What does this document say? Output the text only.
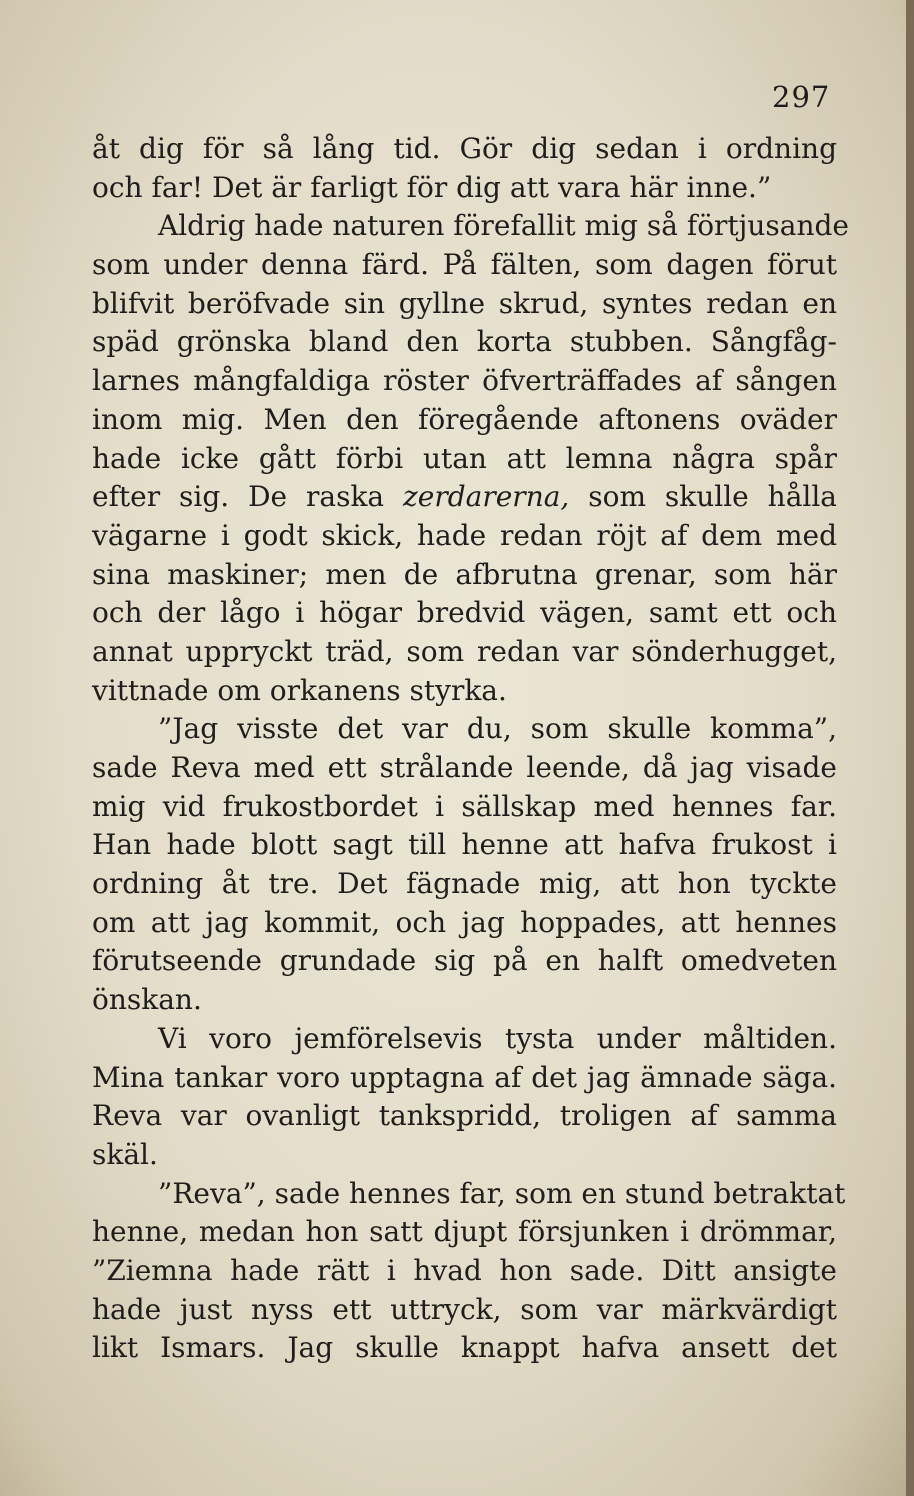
297
åt dig för så lång tid. Gör dig sedan i ordning
och far! Det är farligt för dig att vara här inne.”
Aldrig hade naturen förefallit mig så förtjusande
som under denna färd. På fälten, som dagen förut
blifvit beröfvade sin gyllne skrud, syntes redan en
späd grönska bland den korta stubben. Sångfåg-
larnes mångfaldiga röster öfverträffades af sången
inom mig. Men den föregående aftonens oväder
hade icke gått förbi utan att lemna några spår
efter sig. De raska zerdarerna, som skulle hålla
vägarne i godt skick, hade redan röjt af dem med
sina maskiner; men de afbrutna grenar, som här
och der lågo i högar bredvid vägen, samt ett och
annat uppryckt träd, som redan var sönderhugget,
vittnade om orkanens styrka.
”Jag visste det var du, som skulle komma”,
sade Reva med ett strålande leende, då jag visade
mig vid frukostbordet i sällskap med hennes far.
Han hade blott sagt till henne att hafva frukost i
ordning åt tre. Det fägnade mig, att hon tyckte
om att jag kommit, och jag hoppades, att hennes
förutseende grundade sig på en halft omedveten
önskan.
Vi voro jemförelsevis tysta under måltiden.
Mina tankar voro upptagna af det jag ämnade säga.
Reva var ovanligt tankspridd, troligen af samma
skäl.
”Reva”, sade hennes far, som en stund betraktat
henne, medan hon satt djupt försjunken i drömmar,
”Ziemna hade rätt i hvad hon sade. Ditt ansigte
hade just nyss ett uttryck, som var märkvärdigt
likt Ismars. Jag skulle knappt hafva ansett det
